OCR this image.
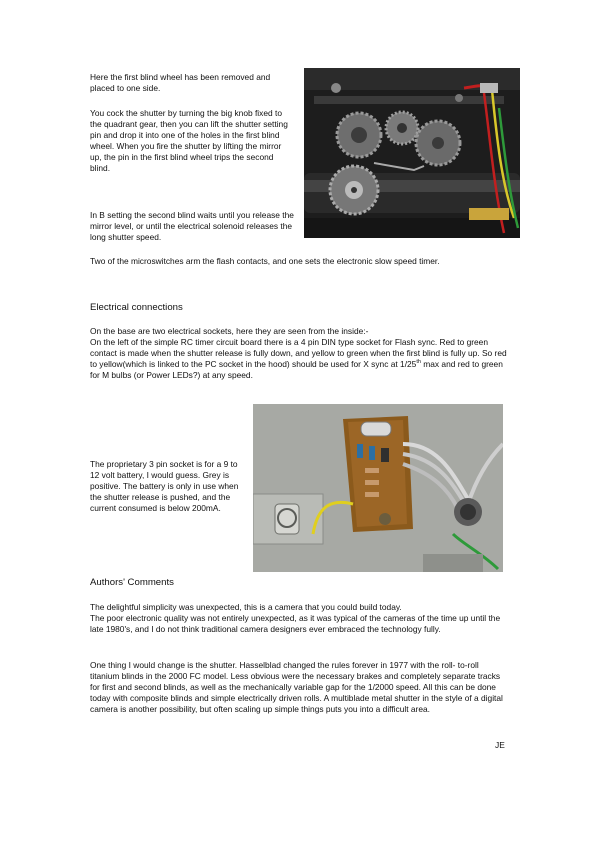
Here the first blind wheel has been removed and placed to one side.

You cock the shutter by turning the big knob fixed to the quadrant gear, then you can lift the shutter setting pin and drop it into one of the holes in the first blind wheel. When you fire the shutter by lifting the mirror up, the pin in the first blind wheel trips the second blind.

In B setting the second blind waits until you release the mirror level, or until the electrical solenoid releases the long shutter speed.

Two of the microswitches arm the flash contacts, and one sets the electronic slow speed timer.

Electrical connections

On the base are two electrical sockets, here they are seen from the inside:-

On the left of the simple RC timer circuit board there is a 4 pin DIN type socket for Flash sync. Red to green contact is made when the shutter release is fully down, and yellow to green when the first blind is fully up. So red to yellow(which is linked to the PC socket in the hood) should be used for X sync at 1/25th max and red to green for M bulbs (or Power LEDs?) at any speed.

The proprietary 3 pin socket is for a 9 to 12 volt battery, I would guess. Grey is positive. The battery is only in use when the shutter release is pushed, and the current consumed is below 200mA.

Authors' Comments

The delightful simplicity was unexpected, this is a camera that you could build today.

The poor electronic quality was not entirely unexpected, as it was typical of the cameras of the time up until the late 1980's, and I do not think traditional camera designers ever embraced the technology fully.

One thing I would change is the shutter. Hasselblad changed the rules forever in 1977 with the roll- to-roll titanium blinds in the 2000 FC model. Less obvious were the necessary brakes and completely separate tracks for first and second blinds, as well as the mechanically variable gap for the 1/2000 speed. All this can be done today with composite blinds and simple electrically driven rolls. A multiblade metal shutter in the style of a digital camera is another possibility, but often scaling up simple things puts you into a difficult area.

JE
